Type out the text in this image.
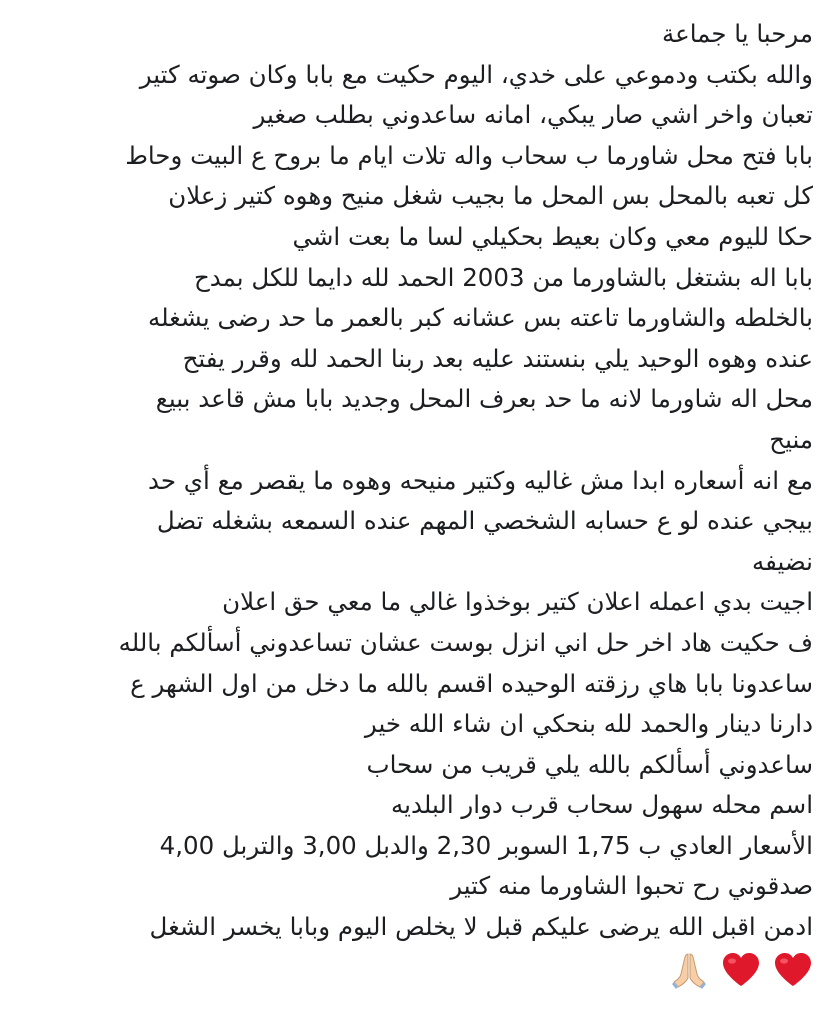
مرحبا يا جماعة
والله بكتب ودموعي على خدي، اليوم حكيت مع بابا وكان صوته كتير
تعبان واخر اشي صار يبكي، امانه ساعدوني بطلب صغير
بابا فتح محل شاورما ب سحاب واله تلات ايام ما بروح ع البيت وحاط
كل تعبه بالمحل بس المحل ما بجيب شغل منيح وهوه كتير زعلان
حكا لليوم معي وكان بعيط بحكيلي لسا ما بعت اشي
بابا اله بشتغل بالشاورما من 2003 الحمد لله دايما للكل بمدح
بالخلطه والشاورما تاعته بس عشانه كبر بالعمر ما حد رضى يشغله
عنده وهوه الوحيد يلي بنستند عليه بعد ربنا الحمد لله وقرر يفتح
محل اله شاورما لانه ما حد بعرف المحل وجديد بابا مش قاعد ببيع
منيح
مع انه أسعاره ابدا مش غاليه وكتير منيحه وهوه ما يقصر مع أي حد
بيجي عنده لو ع حسابه الشخصي المهم عنده السمعه بشغله تضل
نضيفه
اجيت بدي اعمله اعلان كتير بوخذوا غالي ما معي حق اعلان
ف حكيت هاد اخر حل اني انزل بوست عشان تساعدوني أسألكم بالله
ساعدونا بابا هاي رزقته الوحيده اقسم بالله ما دخل من اول الشهر ع
دارنا دينار والحمد لله بنحكي ان شاء الله خير
ساعدوني أسألكم بالله يلي قريب من سحاب
اسم محله سهول سحاب قرب دوار البلديه
الأسعار العادي ب 1,75 السوبر 2,30 والدبل 3,00 والتربل 4,00
صدقوني رح تحبوا الشاورما منه كتير
ادمن اقبل الله يرضى عليكم قبل لا يخلص اليوم وبابا يخسر الشغل
